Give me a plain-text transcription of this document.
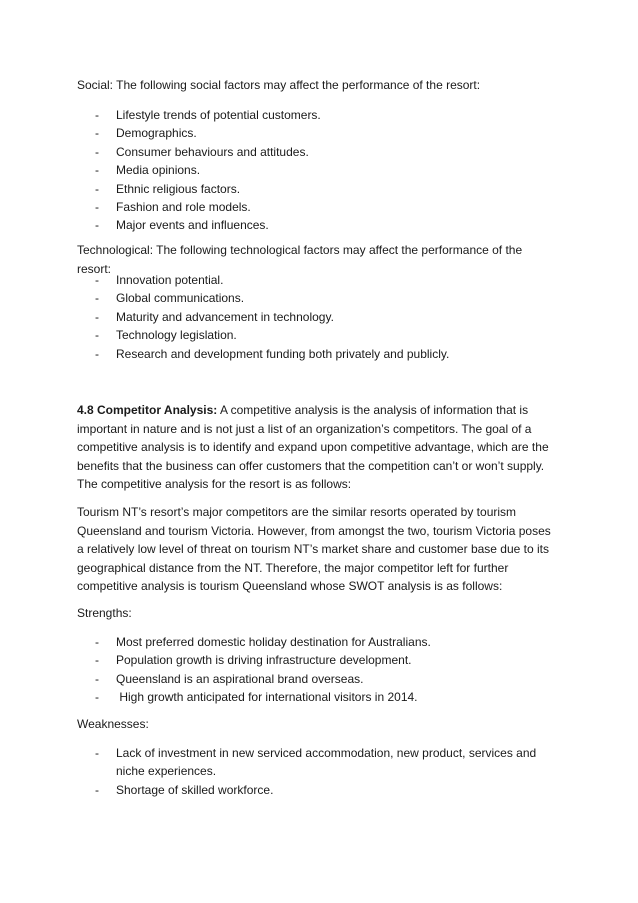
Social: The following social factors may affect the performance of the resort:

- Lifestyle trends of potential customers.
- Demographics.
- Consumer behaviours and attitudes.
- Media opinions.
- Ethnic religious factors.
- Fashion and role models.
- Major events and influences.

Technological: The following technological factors may affect the performance of the resort:

- Innovation potential.
- Global communications.
- Maturity and advancement in technology.
- Technology legislation.
- Research and development funding both privately and publicly.

4.8 Competitor Analysis: A competitive analysis is the analysis of information that is important in nature and is not just a list of an organization’s competitors. The goal of a competitive analysis is to identify and expand upon competitive advantage, which are the benefits that the business can offer customers that the competition can’t or won’t supply. The competitive analysis for the resort is as follows:

Tourism NT’s resort’s major competitors are the similar resorts operated by tourism Queensland and tourism Victoria. However, from amongst the two, tourism Victoria poses a relatively low level of threat on tourism NT’s market share and customer base due to its geographical distance from the NT. Therefore, the major competitor left for further competitive analysis is tourism Queensland whose SWOT analysis is as follows:

Strengths:

- Most preferred domestic holiday destination for Australians.
- Population growth is driving infrastructure development.
- Queensland is an aspirational brand overseas.
- High growth anticipated for international visitors in 2014.

Weaknesses:

- Lack of investment in new serviced accommodation, new product, services and niche experiences.
- Shortage of skilled workforce.
